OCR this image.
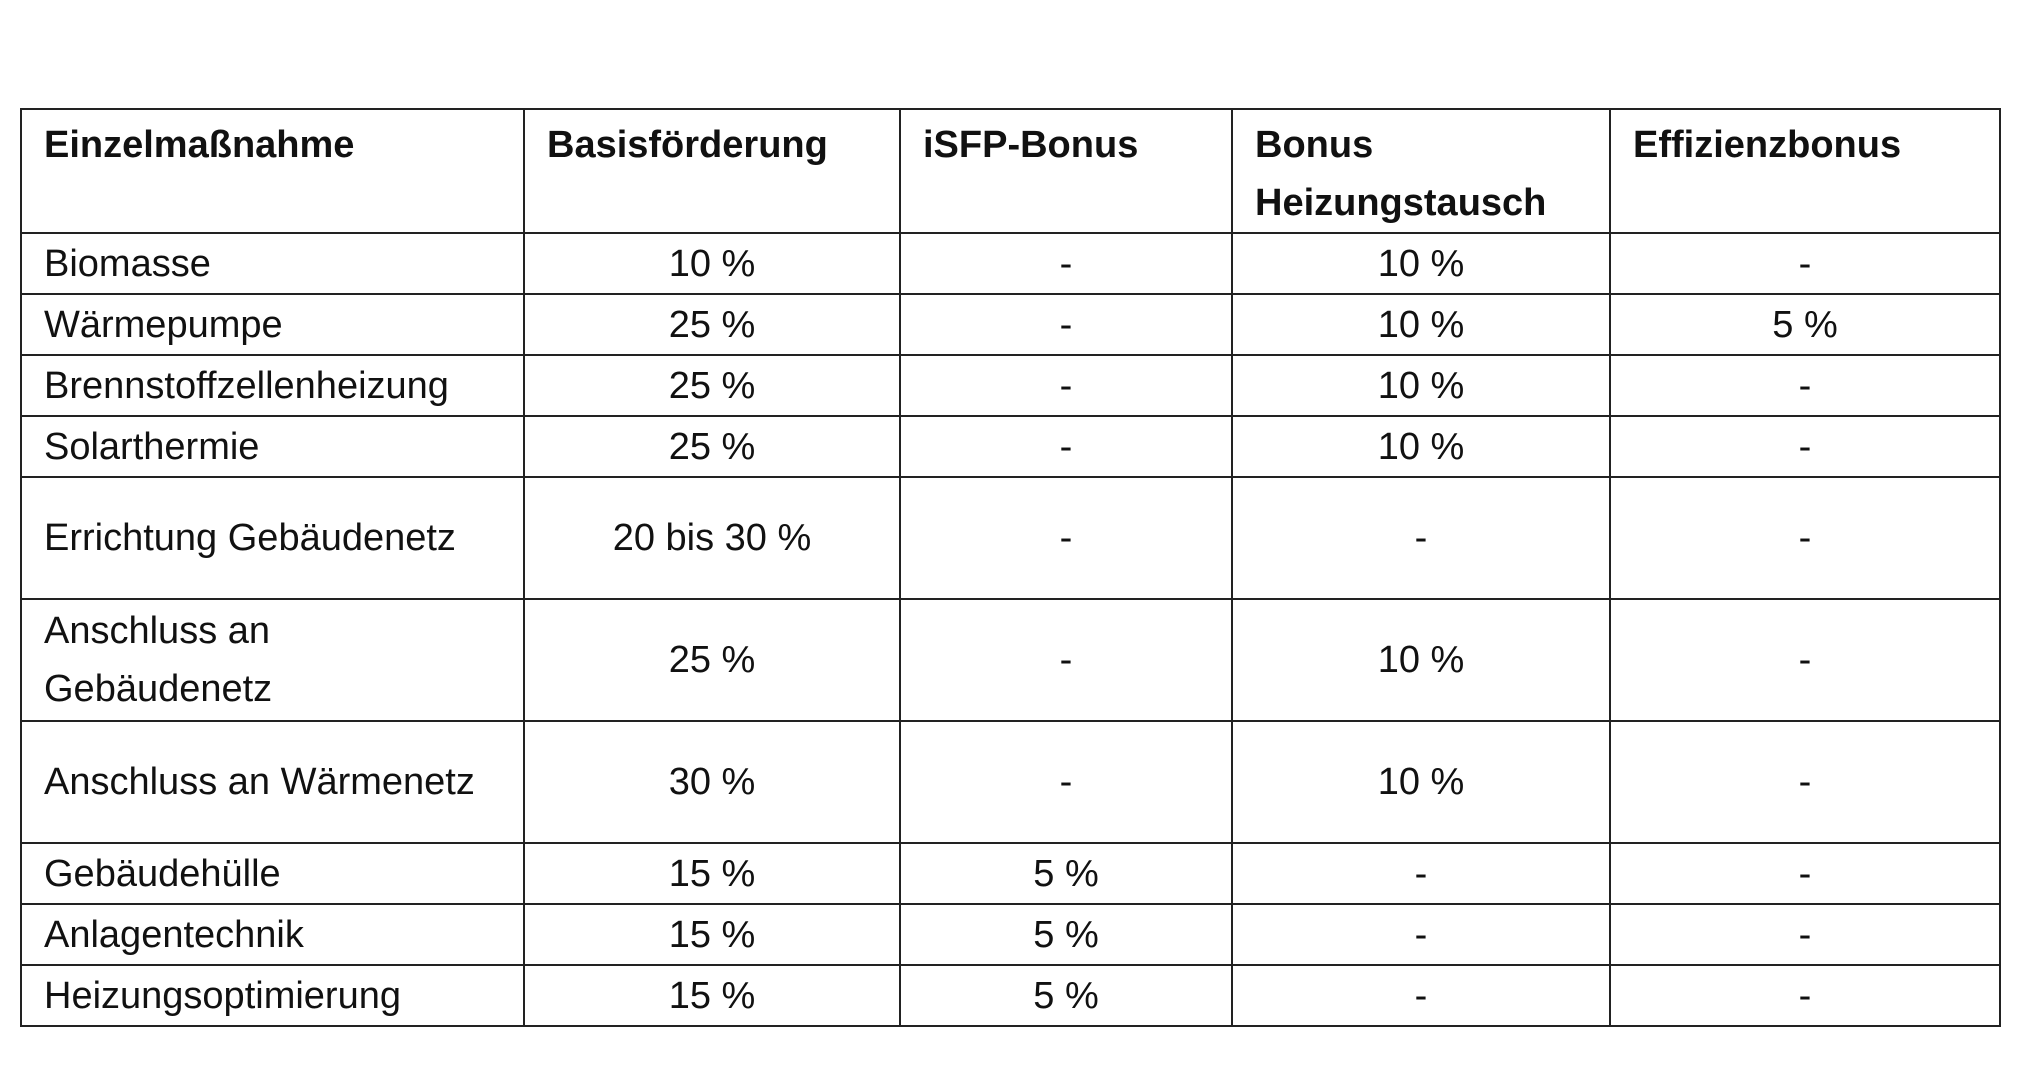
Einzelmaßnahme	Basisförderung	iSFP-Bonus	Bonus Heizungstausch	Effizienzbonus
Biomasse	10 %	-	10 %	-
Wärmepumpe	25 %	-	10 %	5 %
Brennstoffzellenheizung	25 %	-	10 %	-
Solarthermie	25 %	-	10 %	-
Errichtung Gebäudenetz	20 bis 30 %	-	-	-
Anschluss an Gebäudenetz	25 %	-	10 %	-
Anschluss an Wärmenetz	30 %	-	10 %	-
Gebäudehülle	15 %	5 %	-	-
Anlagentechnik	15 %	5 %	-	-
Heizungsoptimierung	15 %	5 %	-	-
